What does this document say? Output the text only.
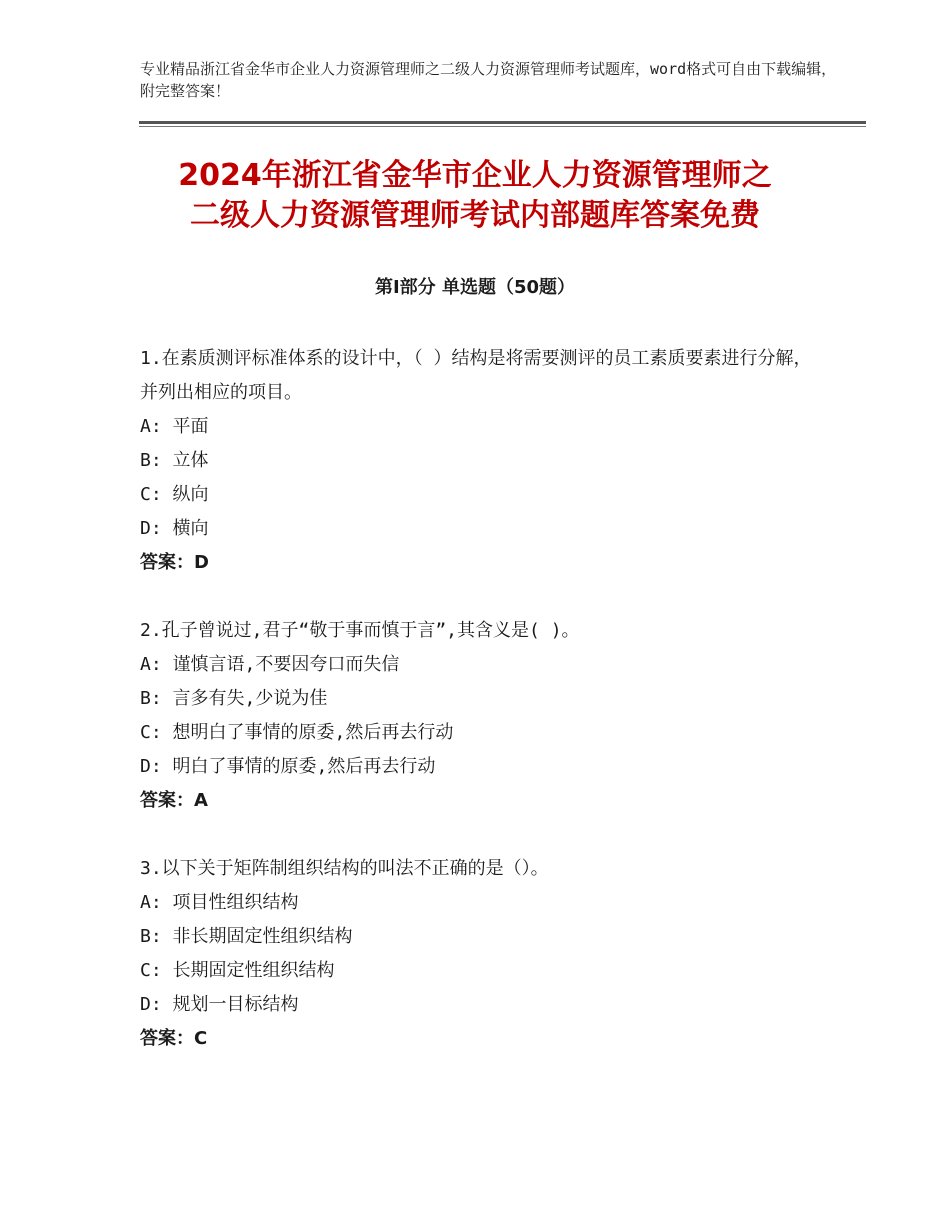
专业精品浙江省金华市企业人力资源管理师之二级人力资源管理师考试题库，word格式可自由下载编辑，附完整答案！
2024年浙江省金华市企业人力资源管理师之
二级人力资源管理师考试内部题库答案免费
第Ⅰ部分 单选题（50题）

1.在素质测评标准体系的设计中，（ ）结构是将需要测评的员工素质要素进行分解，并列出相应的项目。

A: 平面

B: 立体

C: 纵向

D: 横向

答案：D

2.孔子曾说过,君子“敬于事而慎于言”,其含义是( )。

A: 谨慎言语,不要因夸口而失信

B: 言多有失,少说为佳

C: 想明白了事情的原委,然后再去行动

D: 明白了事情的原委,然后再去行动

答案：A

3.以下关于矩阵制组织结构的叫法不正确的是（）。

A: 项目性组织结构

B: 非长期固定性组织结构

C: 长期固定性组织结构

D: 规划一目标结构

答案：C
